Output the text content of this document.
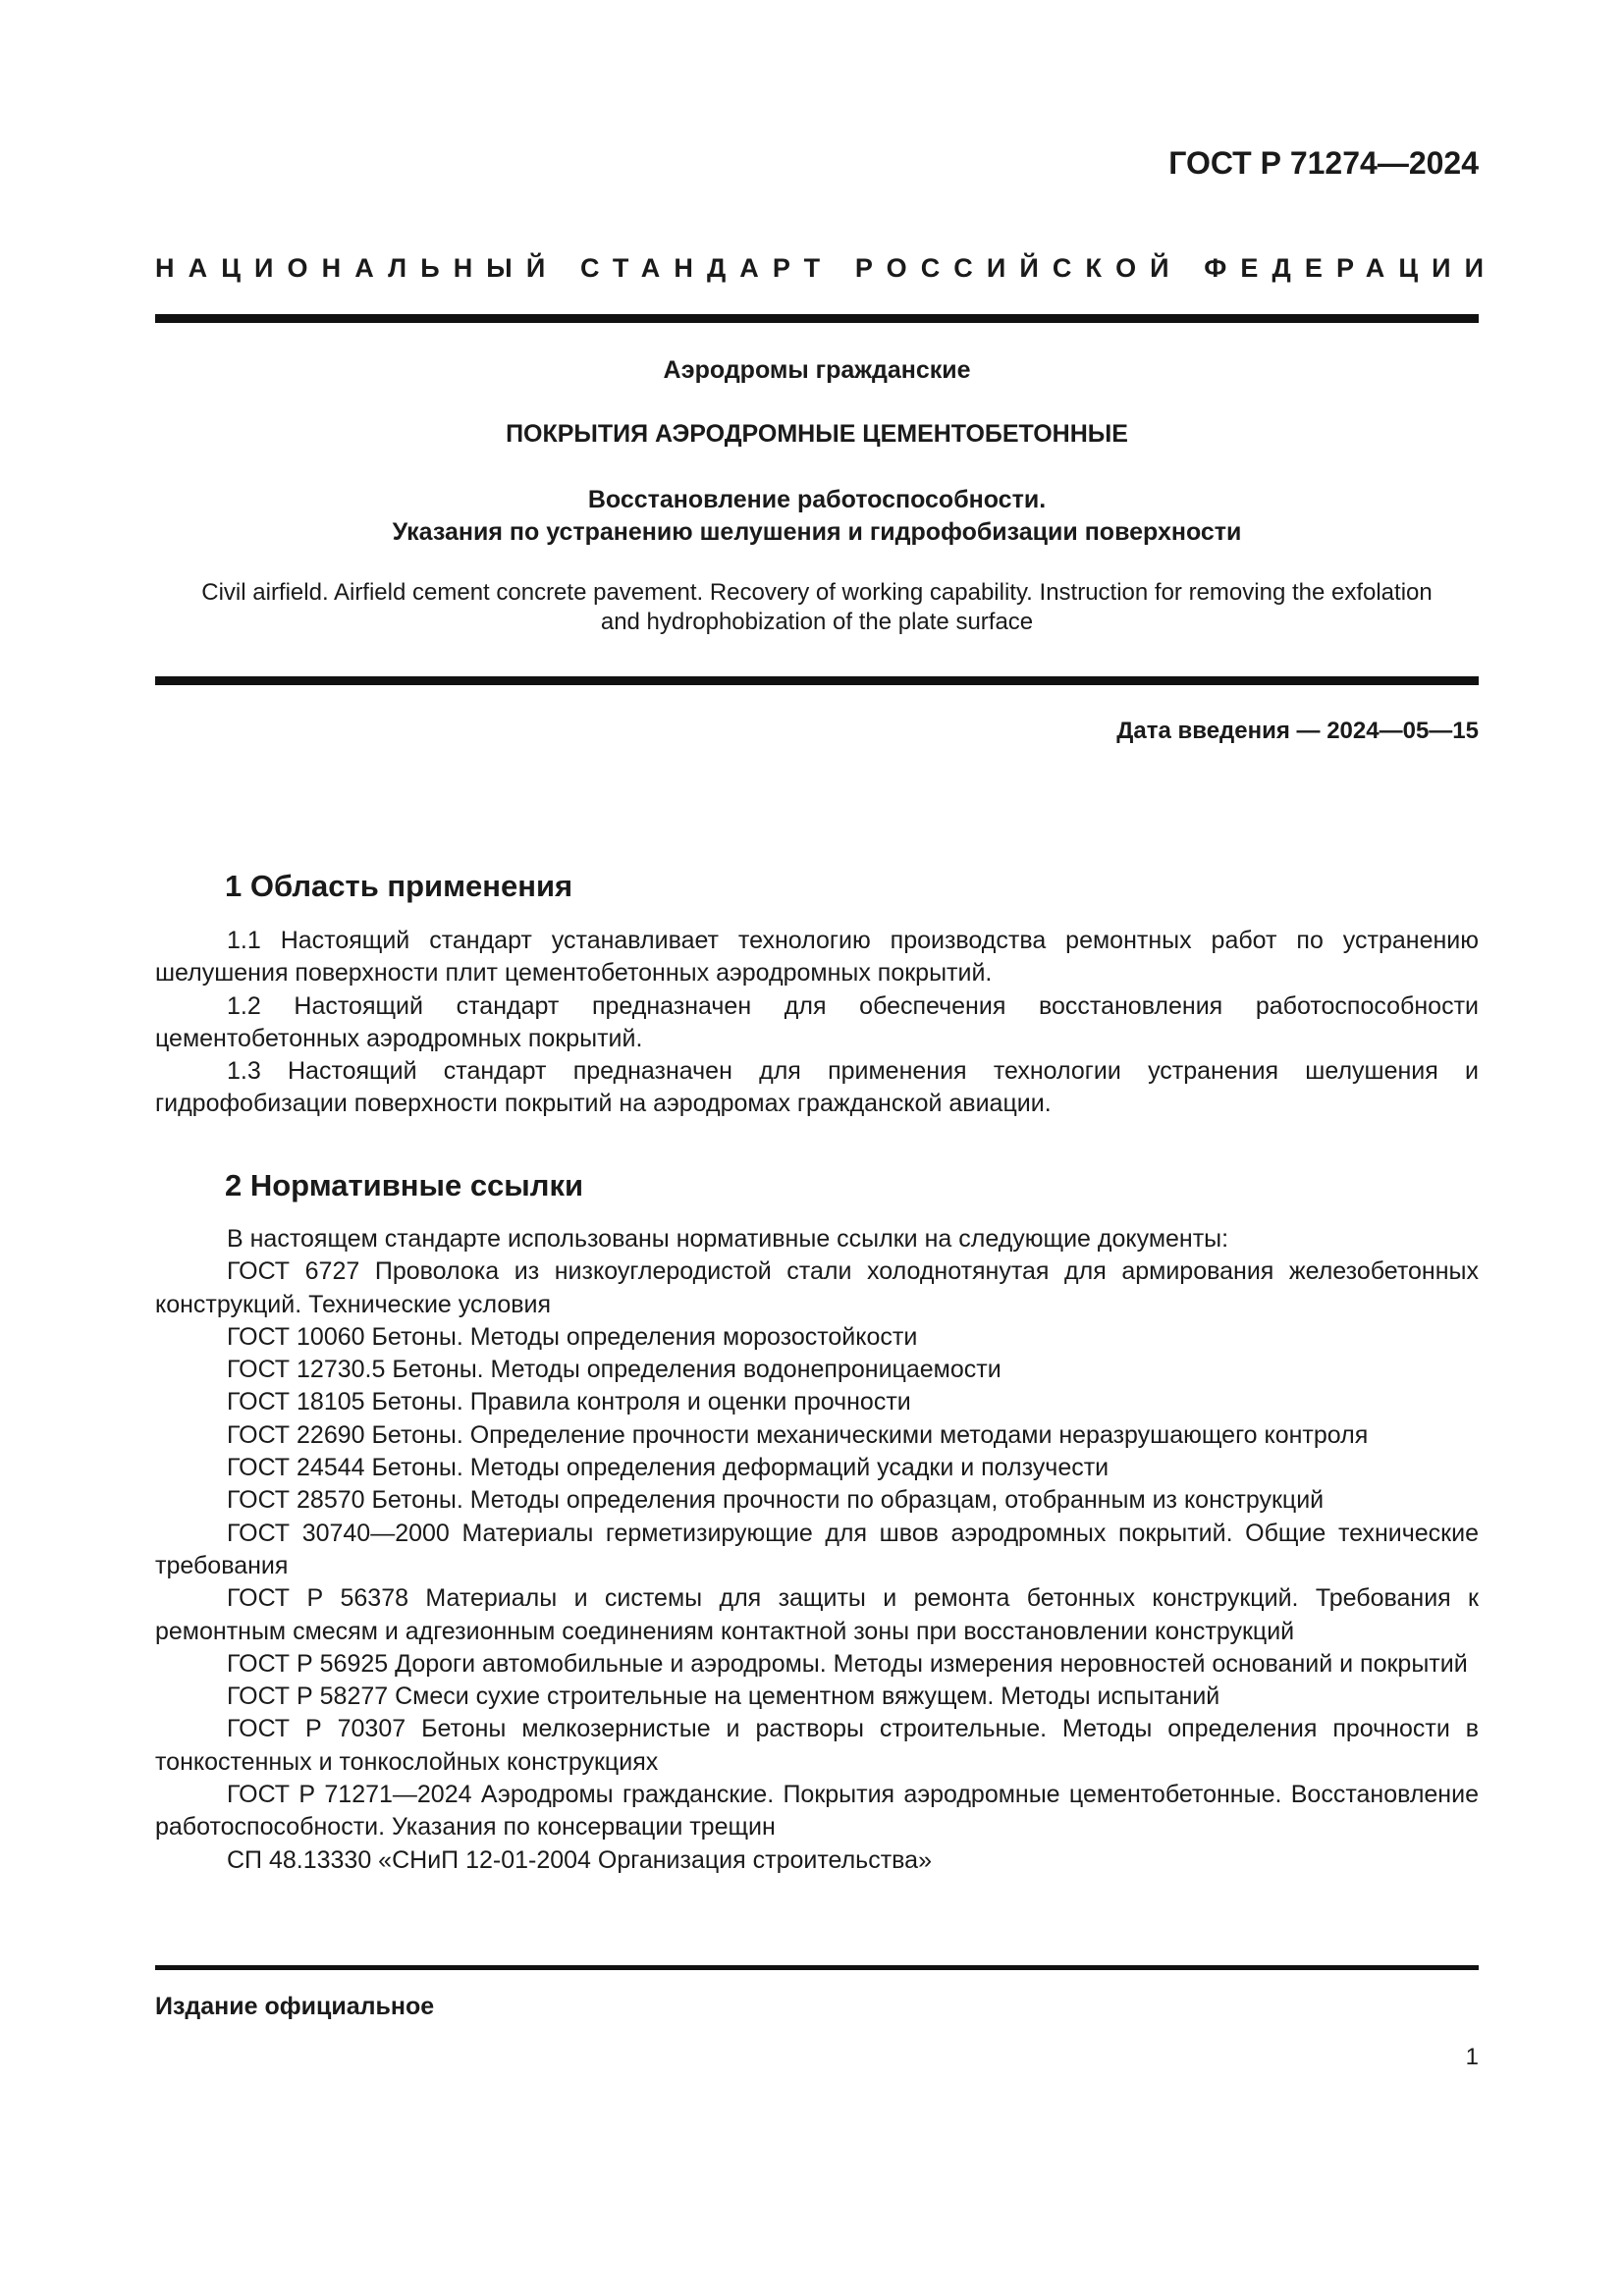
ГОСТ Р 71274—2024
НАЦИОНАЛЬНЫЙ СТАНДАРТ РОССИЙСКОЙ ФЕДЕРАЦИИ
Аэродромы гражданские
ПОКРЫТИЯ АЭРОДРОМНЫЕ ЦЕМЕНТОБЕТОННЫЕ
Восстановление работоспособности.
Указания по устранению шелушения и гидрофобизации поверхности
Civil airfield. Airfield cement concrete pavement. Recovery of working capability. Instruction for removing the exfolation
and hydrophobization of the plate surface
Дата введения — 2024—05—15
1 Область применения

1.1 Настоящий стандарт устанавливает технологию производства ремонтных работ по устранению шелушения поверхности плит цементобетонных аэродромных покрытий.

1.2 Настоящий стандарт предназначен для обеспечения восстановления работоспособности цементобетонных аэродромных покрытий.

1.3 Настоящий стандарт предназначен для применения технологии устранения шелушения и гидрофобизации поверхности покрытий на аэродромах гражданской авиации.

2 Нормативные ссылки

В настоящем стандарте использованы нормативные ссылки на следующие документы:

ГОСТ 6727 Проволока из низкоуглеродистой стали холоднотянутая для армирования железобетонных конструкций. Технические условия

ГОСТ 10060 Бетоны. Методы определения морозостойкости

ГОСТ 12730.5 Бетоны. Методы определения водонепроницаемости

ГОСТ 18105 Бетоны. Правила контроля и оценки прочности

ГОСТ 22690 Бетоны. Определение прочности механическими методами неразрушающего контроля

ГОСТ 24544 Бетоны. Методы определения деформаций усадки и ползучести

ГОСТ 28570 Бетоны. Методы определения прочности по образцам, отобранным из конструкций

ГОСТ 30740—2000 Материалы герметизирующие для швов аэродромных покрытий. Общие технические требования

ГОСТ Р 56378 Материалы и системы для защиты и ремонта бетонных конструкций. Требования к ремонтным смесям и адгезионным соединениям контактной зоны при восстановлении конструкций

ГОСТ Р 56925 Дороги автомобильные и аэродромы. Методы измерения неровностей оснований и покрытий

ГОСТ Р 58277 Смеси сухие строительные на цементном вяжущем. Методы испытаний

ГОСТ Р 70307 Бетоны мелкозернистые и растворы строительные. Методы определения прочности в тонкостенных и тонкослойных конструкциях

ГОСТ Р 71271—2024 Аэродромы гражданские. Покрытия аэродромные цементобетонные. Восстановление работоспособности. Указания по консервации трещин

СП 48.13330 «СНиП 12-01-2004 Организация строительства»

Издание официальное
1
